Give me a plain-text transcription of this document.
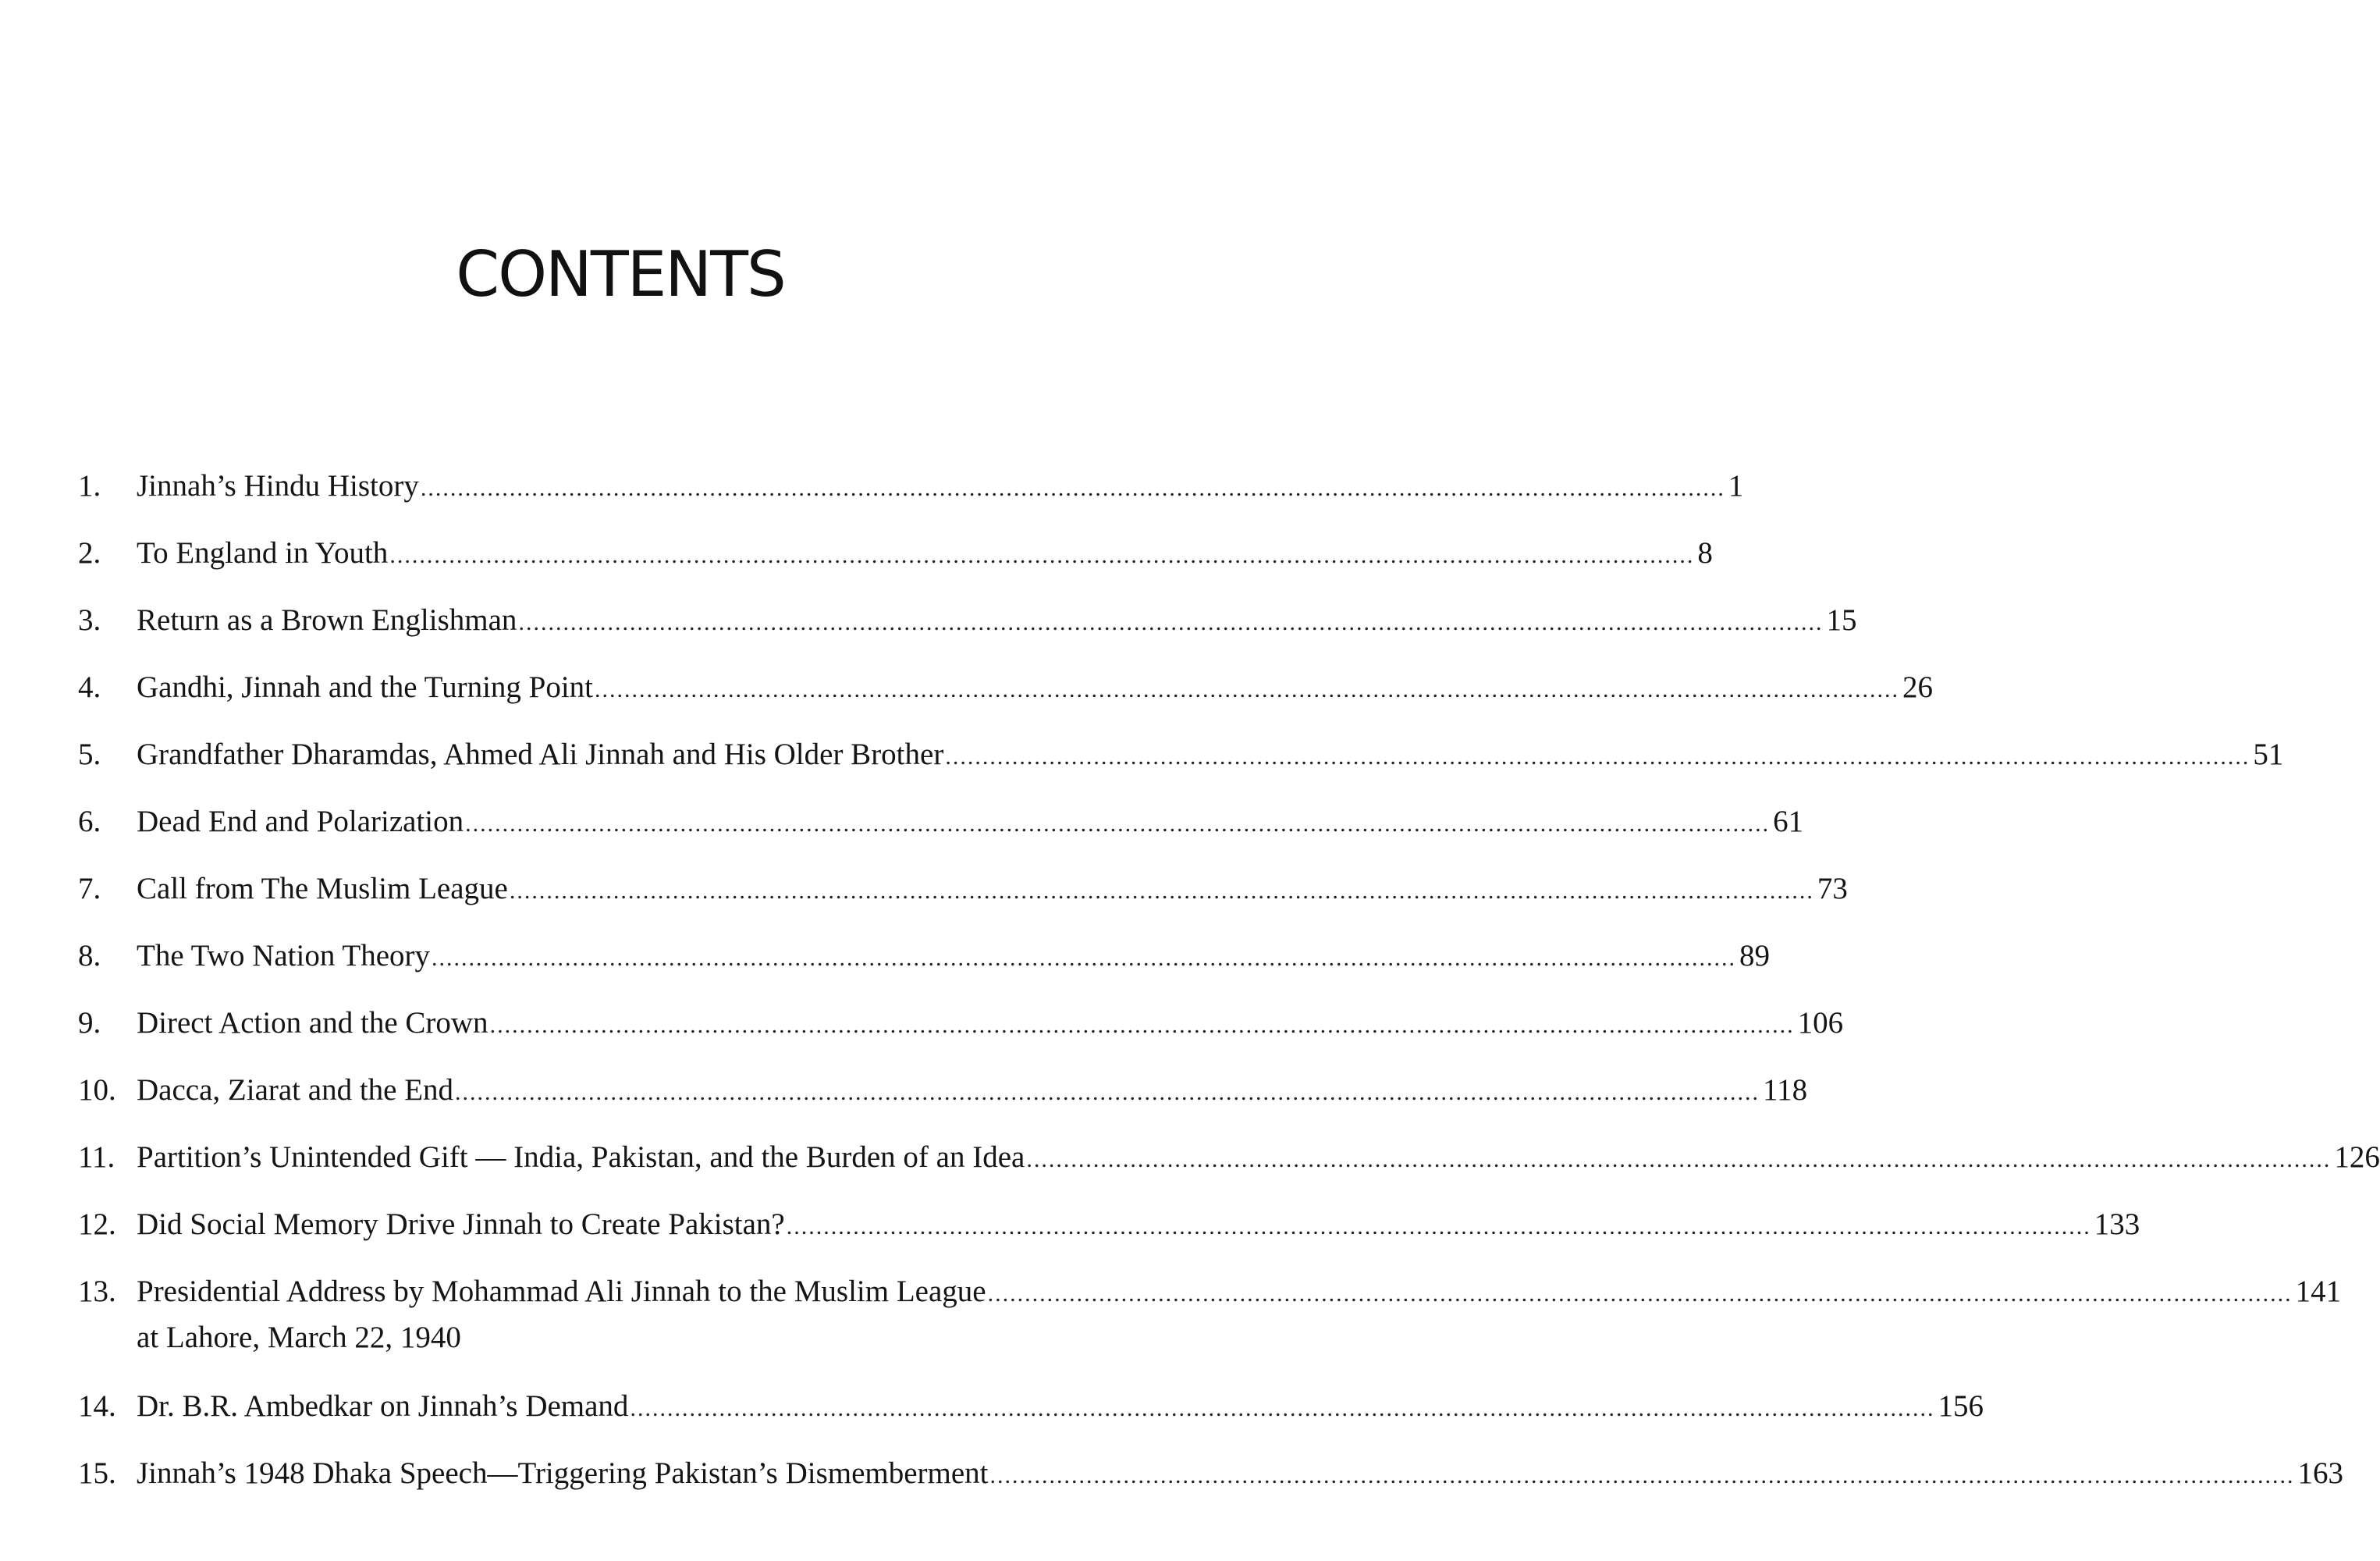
CONTENTS
1.	Jinnah’s Hindu History .....	1
2.	To England in Youth .....	8
3.	Return as a Brown Englishman .....	15
4.	Gandhi, Jinnah and the Turning Point .....	26
5.	Grandfather Dharamdas, Ahmed Ali Jinnah and His Older Brother .....	51
6.	Dead End and Polarization .....	61
7.	Call from The Muslim League .....	73
8.	The Two Nation Theory .....	89
9.	Direct Action and the Crown .....	106
10. Dacca, Ziarat and the End .....	118
11. Partition’s Unintended Gift — India, Pakistan, and the Burden of an Idea .....	126
12. Did Social Memory Drive Jinnah to Create Pakistan? .....	133
13. Presidential Address by Mohammad Ali Jinnah to the Muslim League .....	141
at Lahore, March 22, 1940
14. Dr. B.R. Ambedkar on Jinnah’s Demand .....	156
15. Jinnah’s 1948 Dhaka Speech—Triggering Pakistan’s Dismemberment .....	163
